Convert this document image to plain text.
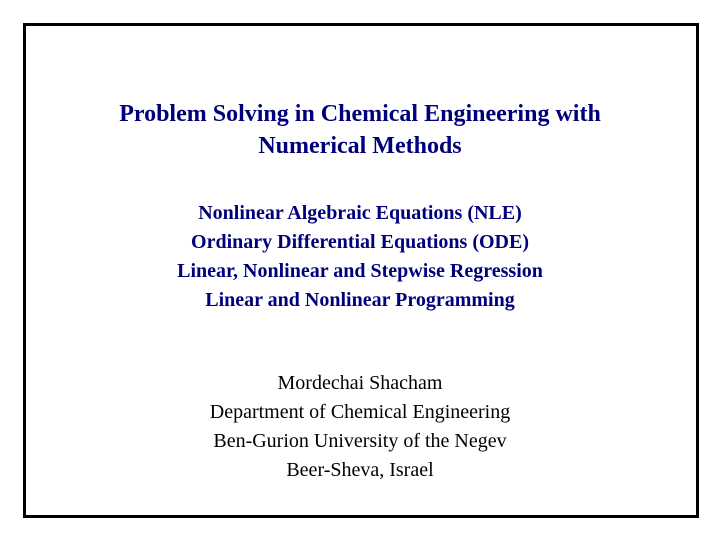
Problem Solving in Chemical Engineering with
Numerical Methods
Nonlinear Algebraic Equations (NLE)
Ordinary Differential Equations (ODE)
Linear, Nonlinear and Stepwise Regression
Linear and Nonlinear Programming
Mordechai Shacham
Department of Chemical Engineering
Ben-Gurion University of the Negev
Beer-Sheva, Israel
